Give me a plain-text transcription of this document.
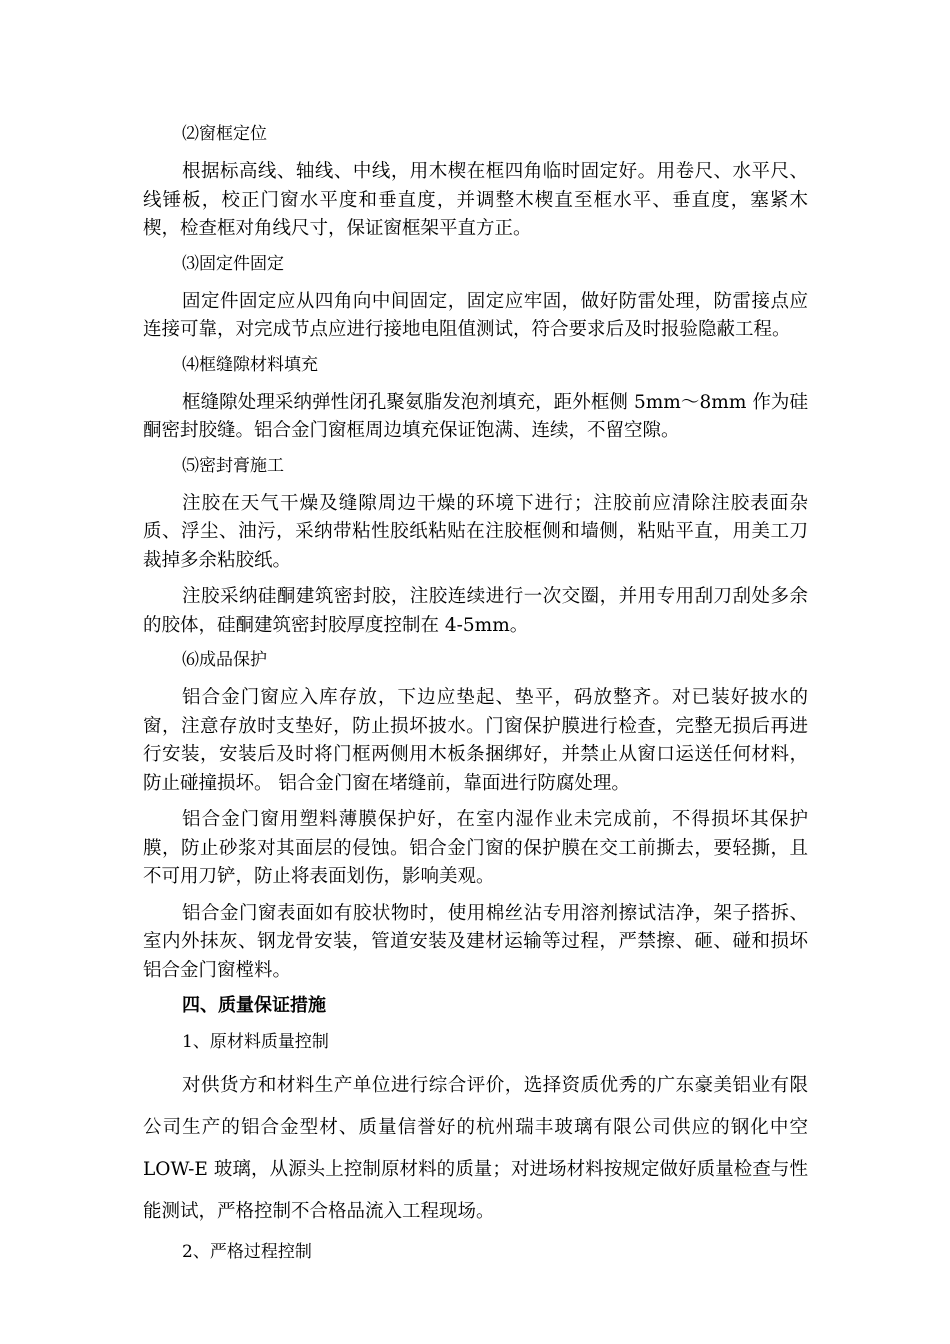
⑵窗框定位
根据标高线、轴线、中线，用木楔在框四角临时固定好。用卷尺、水平尺、线锤板，校正门窗水平度和垂直度，并调整木楔直至框水平、垂直度，塞紧木楔，检查框对角线尺寸，保证窗框架平直方正。
⑶固定件固定
固定件固定应从四角向中间固定，固定应牢固，做好防雷处理，防雷接点应连接可靠，对完成节点应进行接地电阻值测试，符合要求后及时报验隐蔽工程。
⑷框缝隙材料填充
框缝隙处理采纳弹性闭孔聚氨脂发泡剂填充，距外框侧 5mm～8mm 作为硅酮密封胶缝。铝合金门窗框周边填充保证饱满、连续，不留空隙。
⑸密封膏施工
注胶在天气干燥及缝隙周边干燥的环境下进行；注胶前应清除注胶表面杂质、浮尘、油污，采纳带粘性胶纸粘贴在注胶框侧和墙侧，粘贴平直，用美工刀裁掉多余粘胶纸。
注胶采纳硅酮建筑密封胶，注胶连续进行一次交圈，并用专用刮刀刮处多余的胶体，硅酮建筑密封胶厚度控制在 4-5mm。
⑹成品保护
铝合金门窗应入库存放，下边应垫起、垫平，码放整齐。对已装好披水的窗，注意存放时支垫好，防止损坏披水。门窗保护膜进行检查，完整无损后再进行安装，安装后及时将门框两侧用木板条捆绑好，并禁止从窗口运送任何材料，防止碰撞损坏。 铝合金门窗在堵缝前，靠面进行防腐处理。
铝合金门窗用塑料薄膜保护好，在室内湿作业未完成前，不得损坏其保护膜，防止砂浆对其面层的侵蚀。铝合金门窗的保护膜在交工前撕去，要轻撕，且不可用刀铲，防止将表面划伤，影响美观。
铝合金门窗表面如有胶状物时，使用棉丝沾专用溶剂擦试洁净，架子搭拆、室内外抹灰、钢龙骨安装，管道安装及建材运输等过程，严禁擦、砸、碰和损坏铝合金门窗樘料。
四、质量保证措施
1、原材料质量控制
对供货方和材料生产单位进行综合评价，选择资质优秀的广东豪美铝业有限公司生产的铝合金型材、质量信誉好的杭州瑞丰玻璃有限公司供应的钢化中空 LOW-E 玻璃，从源头上控制原材料的质量；对进场材料按规定做好质量检查与性能测试，严格控制不合格品流入工程现场。
2、严格过程控制
